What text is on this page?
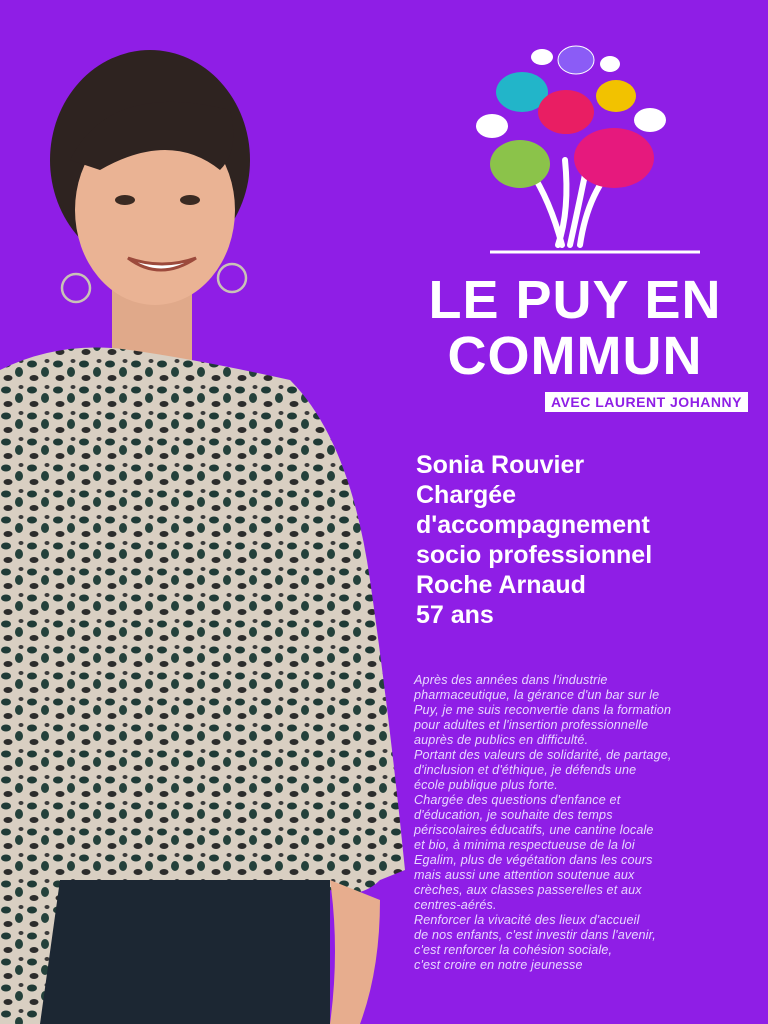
LE PUY EN
COMMUN
AVEC LAURENT JOHANNY
Sonia Rouvier
Chargée
d'accompagnement
socio professionnel
Roche Arnaud
57 ans

Après des années dans l'industrie

pharmaceutique, la gérance d'un bar sur le

Puy, je me suis reconvertie dans la formation

pour adultes et l'insertion professionnelle

auprès de publics en difficulté.

Portant des valeurs de solidarité, de partage,

d'inclusion et d'éthique, je défends une

école publique plus forte.

Chargée des questions d'enfance et

d'éducation, je souhaite des temps

périscolaires éducatifs, une cantine locale

et bio, à minima respectueuse de la loi

Egalim, plus de végétation dans les cours

mais aussi une attention soutenue aux

crèches, aux classes passerelles et aux

centres-aérés.

Renforcer la vivacité des lieux d'accueil

de nos enfants, c'est investir dans l'avenir,

c'est renforcer la cohésion sociale,

c'est croire en notre jeunesse
